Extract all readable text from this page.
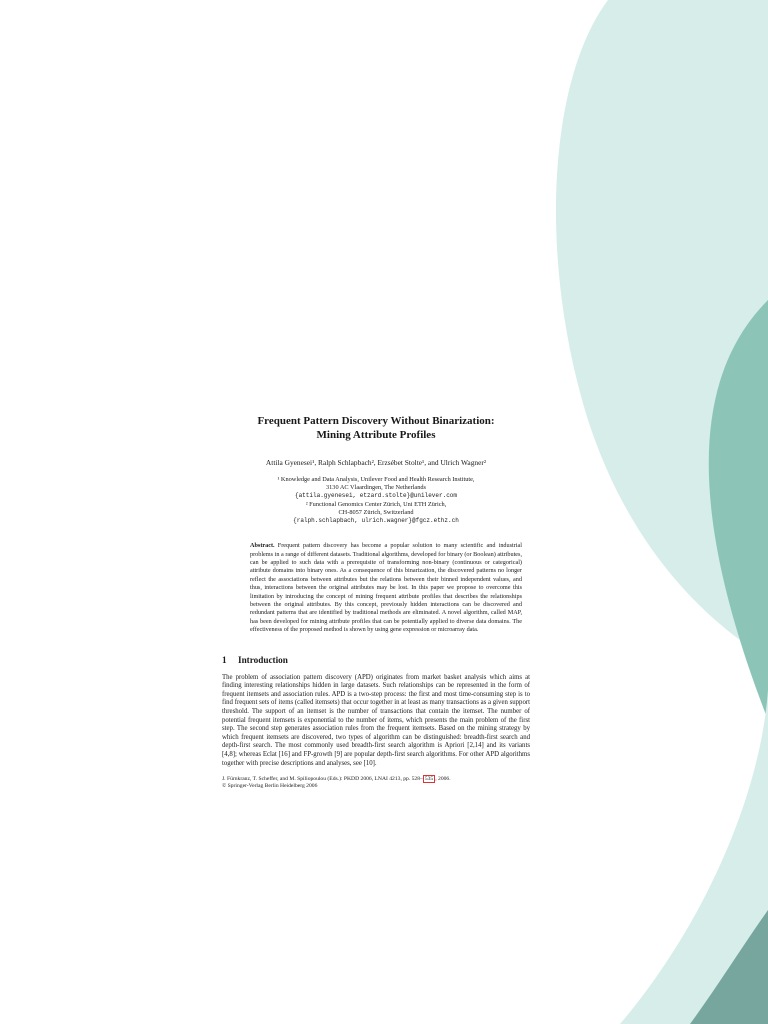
Frequent Pattern Discovery Without Binarization:
Mining Attribute Profiles
Attila Gyenesei¹, Ralph Schlapbach², Erzsébet Stolte¹, and Ulrich Wagner²
¹ Knowledge and Data Analysis, Unilever Food and Health Research Institute,
3130 AC Vlaardingen, The Netherlands
{attila.gyenesei, etzard.stolte}@unilever.com
² Functional Genomics Center Zürich, Uni ETH Zürich,
CH-8057 Zürich, Switzerland
{ralph.schlapbach, ulrich.wagner}@fgcz.ethz.ch
Abstract. Frequent pattern discovery has become a popular solution to many scientific and industrial problems in a range of different datasets. Traditional algorithms, developed for binary (or Boolean) attributes, can be applied to such data with a prerequisite of transforming non-binary (continuous or categorical) attribute domains into binary ones. As a consequence of this binarization, the discovered patterns no longer reflect the associations between attributes but the relations between their binned independent values, and thus, interactions between the original attributes may be lost. In this paper we propose to overcome this limitation by introducing the concept of mining frequent attribute profiles that describes the relationships between the original attributes. By this concept, previously hidden interactions can be discovered and redundant patterns that are identified by traditional methods are eliminated. A novel algorithm, called MAP, has been developed for mining attribute profiles that can be potentially applied to diverse data domains. The effectiveness of the proposed method is shown by using gene expression or microarray data.
1 Introduction
The problem of association pattern discovery (APD) originates from market basket analysis which aims at finding interesting relationships hidden in large datasets. Such relationships can be represented in the form of frequent itemsets and association rules. APD is a two-step process: the first and most time-consuming step is to find frequent sets of items (called itemsets) that occur together in at least as many transactions as a given support threshold. The support of an itemset is the number of transactions that contain the itemset. The number of potential frequent itemsets is exponential to the number of items, which presents the main problem of the first step. The second step generates association rules from the frequent itemsets. Based on the mining strategy by which frequent itemsets are discovered, two types of algorithm can be distinguished: breadth-first search and depth-first search. The most commonly used breadth-first search algorithm is Apriori [2,14] and its variants [4,8]; whereas Eclat [16] and FP-growth [9] are popular depth-first search algorithms. For other APD algorithms together with precise descriptions and analyses, see [10].
J. Fürnkranz, T. Scheffer, and M. Spiliopoulou (Eds.): PKDD 2006, LNAI 4213, pp. 528– 535 , 2006.
© Springer-Verlag Berlin Heidelberg 2006
